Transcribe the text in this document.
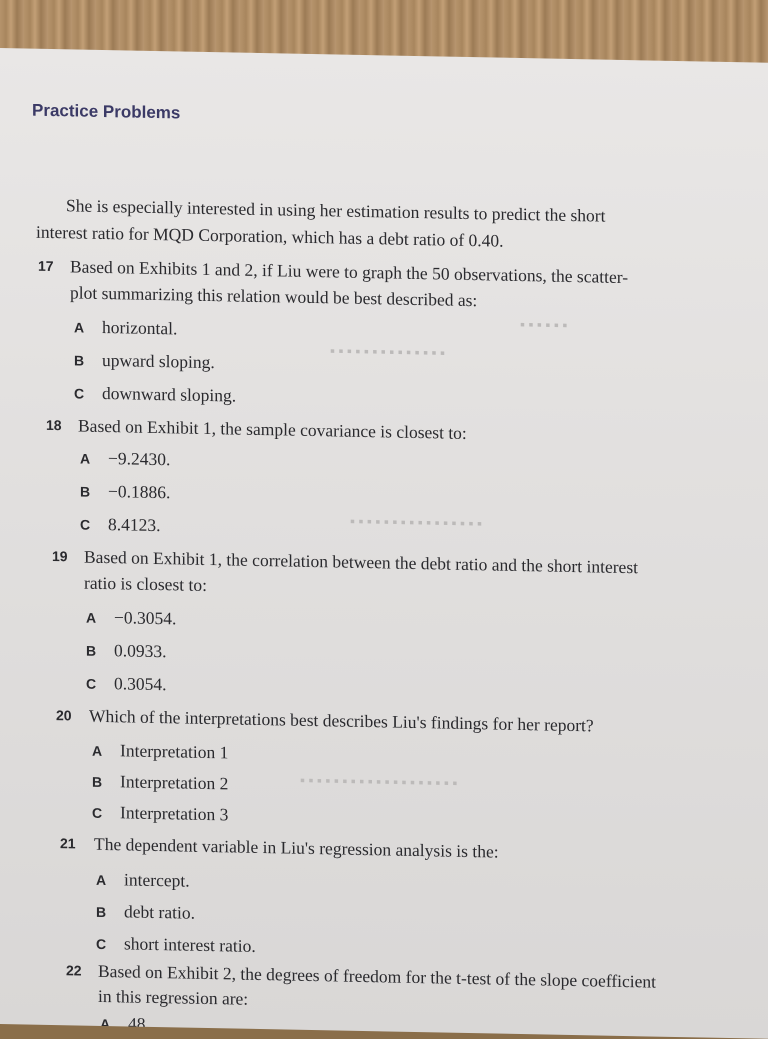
▪ ▪ ▪ ▪ ▪ ▪
▪ ▪ ▪ ▪ ▪ ▪ ▪ ▪ ▪ ▪ ▪ ▪ ▪ ▪
▪ ▪ ▪ ▪ ▪ ▪ ▪ ▪ ▪ ▪ ▪ ▪ ▪ ▪ ▪ ▪
▪ ▪ ▪ ▪ ▪ ▪ ▪ ▪ ▪ ▪ ▪ ▪ ▪ ▪ ▪ ▪ ▪ ▪ ▪
Practice Problems
She is especially interested in using her estimation results to predict the short
interest ratio for MQD Corporation, which has a debt ratio of 0.40.
17 Based on Exhibits 1 and 2, if Liu were to graph the 50 observations, the scatter-
plot summarizing this relation would be best described as:
A horizontal.
B upward sloping.
C downward sloping.
18 Based on Exhibit 1, the sample covariance is closest to:
A −9.2430.
B −0.1886.
C 8.4123.
19 Based on Exhibit 1, the correlation between the debt ratio and the short interest
ratio is closest to:
A −0.3054.
B 0.0933.
C 0.3054.
20 Which of the interpretations best describes Liu's findings for her report?
A Interpretation 1
B Interpretation 2
C Interpretation 3
21 The dependent variable in Liu's regression analysis is the:
A intercept.
B debt ratio.
C short interest ratio.
22 Based on Exhibit 2, the degrees of freedom for the t-test of the slope coefficient
in this regression are:
A 48.
